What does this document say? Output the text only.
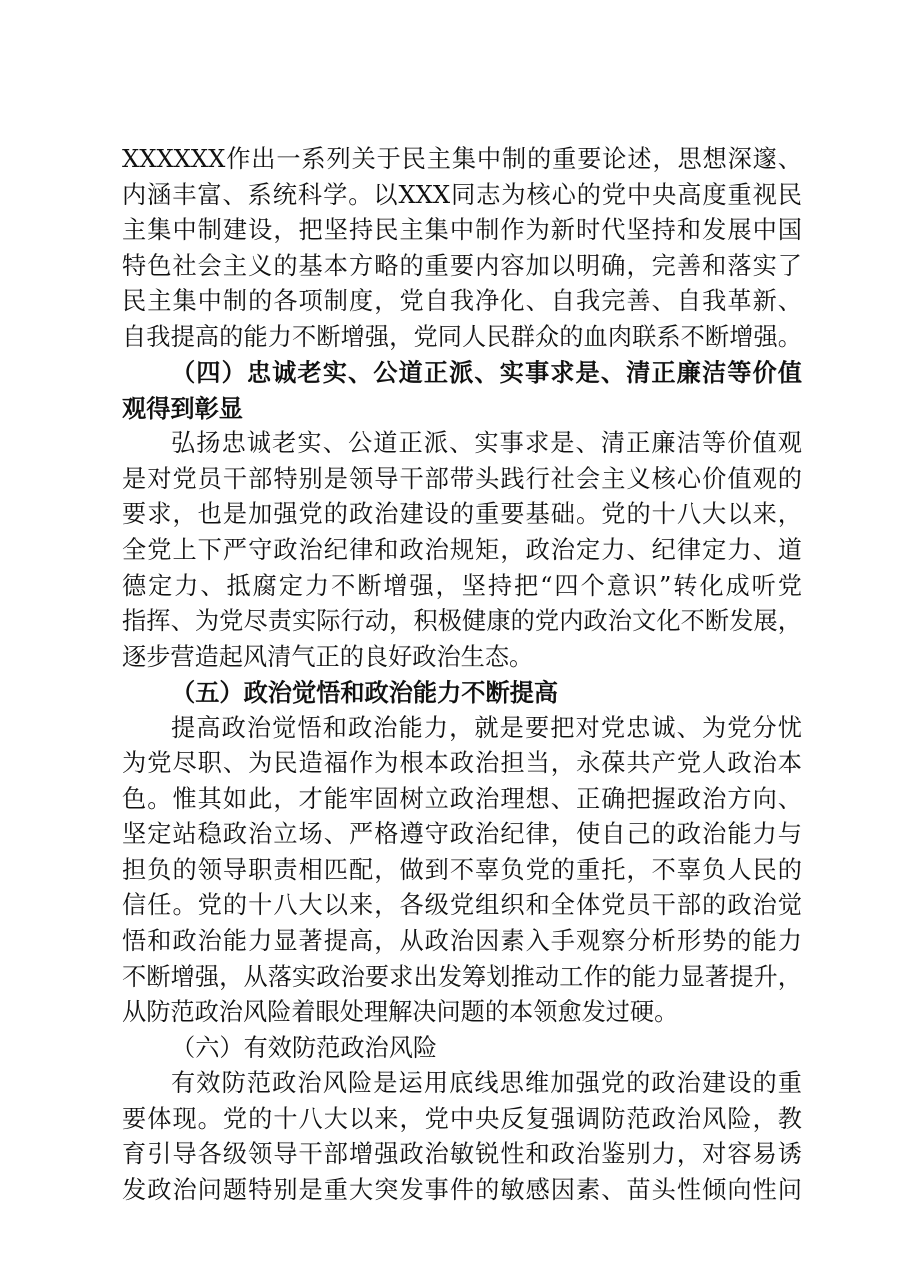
XXXXXX作出一系列关于民主集中制的重要论述，思想深邃、
内涵丰富、系统科学。以XXX同志为核心的党中央高度重视民
主集中制建设，把坚持民主集中制作为新时代坚持和发展中国
特色社会主义的基本方略的重要内容加以明确，完善和落实了
民主集中制的各项制度，党自我净化、自我完善、自我革新、
自我提高的能力不断增强，党同人民群众的血肉联系不断增强。
（四）忠诚老实、公道正派、实事求是、清正廉洁等价值
观得到彰显
弘扬忠诚老实、公道正派、实事求是、清正廉洁等价值观
是对党员干部特别是领导干部带头践行社会主义核心价值观的
要求，也是加强党的政治建设的重要基础。党的十八大以来，
全党上下严守政治纪律和政治规矩，政治定力、纪律定力、道
德定力、抵腐定力不断增强，坚持把“四个意识”转化成听党
指挥、为党尽责实际行动，积极健康的党内政治文化不断发展，
逐步营造起风清气正的良好政治生态。
（五）政治觉悟和政治能力不断提高
提高政治觉悟和政治能力，就是要把对党忠诚、为党分忧
为党尽职、为民造福作为根本政治担当，永葆共产党人政治本
色。惟其如此，才能牢固树立政治理想、正确把握政治方向、
坚定站稳政治立场、严格遵守政治纪律，使自己的政治能力与
担负的领导职责相匹配，做到不辜负党的重托，不辜负人民的
信任。党的十八大以来，各级党组织和全体党员干部的政治觉
悟和政治能力显著提高，从政治因素入手观察分析形势的能力
不断增强，从落实政治要求出发筹划推动工作的能力显著提升，
从防范政治风险着眼处理解决问题的本领愈发过硬。
（六）有效防范政治风险
有效防范政治风险是运用底线思维加强党的政治建设的重
要体现。党的十八大以来，党中央反复强调防范政治风险，教
育引导各级领导干部增强政治敏锐性和政治鉴别力，对容易诱
发政治问题特别是重大突发事件的敏感因素、苗头性倾向性问
